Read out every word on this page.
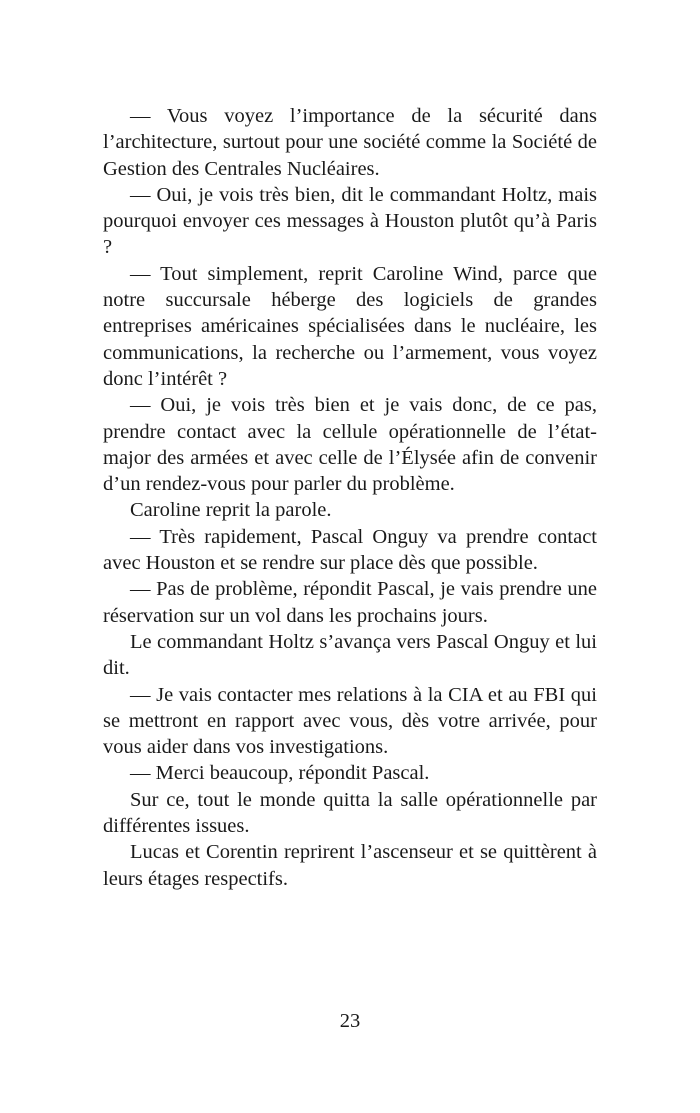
— Vous voyez l’importance de la sécurité dans l’architecture, surtout pour une société comme la Société de Gestion des Centrales Nucléaires.

— Oui, je vois très bien, dit le commandant Holtz, mais pourquoi envoyer ces messages à Houston plutôt qu’à Paris ?

— Tout simplement, reprit Caroline Wind, parce que notre succursale héberge des logiciels de grandes entreprises américaines spécialisées dans le nucléaire, les communications, la recherche ou l’armement, vous voyez donc l’intérêt ?

— Oui, je vois très bien et je vais donc, de ce pas, prendre contact avec la cellule opérationnelle de l’état-major des armées et avec celle de l’Élysée afin de convenir d’un rendez-vous pour parler du problème.

Caroline reprit la parole.

— Très rapidement, Pascal Onguy va prendre contact avec Houston et se rendre sur place dès que possible.

— Pas de problème, répondit Pascal, je vais prendre une réservation sur un vol dans les prochains jours.

Le commandant Holtz s’avança vers Pascal Onguy et lui dit.

— Je vais contacter mes relations à la CIA et au FBI qui se mettront en rapport avec vous, dès votre arrivée, pour vous aider dans vos investigations.

— Merci beaucoup, répondit Pascal.

Sur ce, tout le monde quitta la salle opérationnelle par différentes issues.

Lucas et Corentin reprirent l’ascenseur et se quittèrent à leurs étages respectifs.

23
